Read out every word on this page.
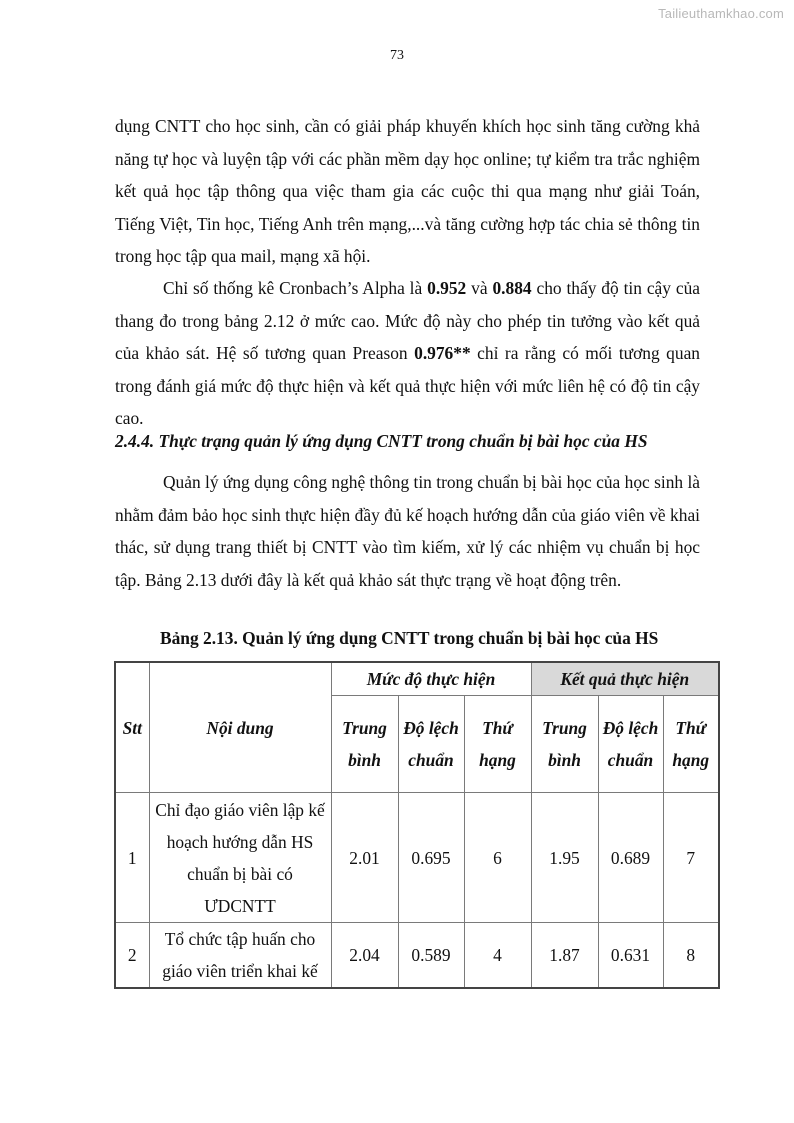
Tailieuthamkhao.com
73

dụng CNTT cho học sinh, cần có giải pháp khuyến khích học sinh tăng cường khả năng tự học và luyện tập với các phần mềm dạy học online; tự kiểm tra trắc nghiệm kết quả học tập thông qua việc tham gia các cuộc thi qua mạng như giải Toán, Tiếng Việt, Tin học, Tiếng Anh trên mạng,...và tăng cường hợp tác chia sẻ thông tin trong học tập qua mail, mạng xã hội.

Chỉ số thống kê Cronbach’s Alpha là 0.952 và 0.884 cho thấy độ tin cậy của thang đo trong bảng 2.12 ở mức cao. Mức độ này cho phép tin tưởng vào kết quả của khảo sát. Hệ số tương quan Preason 0.976** chỉ ra rằng có mối tương quan trong đánh giá mức độ thực hiện và kết quả thực hiện với mức liên hệ có độ tin cậy cao.

2.4.4. Thực trạng quản lý ứng dụng CNTT trong chuẩn bị bài học của HS

Quản lý ứng dụng công nghệ thông tin trong chuẩn bị bài học của học sinh là nhằm đảm bảo học sinh thực hiện đầy đủ kế hoạch hướng dẫn của giáo viên về khai thác, sử dụng trang thiết bị CNTT vào tìm kiếm, xử lý các nhiệm vụ chuẩn bị học tập. Bảng 2.13 dưới đây là kết quả khảo sát thực trạng về hoạt động trên.

Bảng 2.13. Quản lý ứng dụng CNTT trong chuẩn bị bài học của HS
Stt	Nội dung	Mức độ thực hiện			Kết quả thực hiện		
		Trung bình	Độ lệch chuẩn	Thứ hạng	Trung bình	Độ lệch chuẩn	Thứ hạng
1	Chỉ đạo giáo viên lập kế hoạch hướng dẫn HS chuẩn bị bài có ƯDCNTT	2.01	0.695	6	1.95	0.689	7
2	Tổ chức tập huấn cho giáo viên triển khai kế	2.04	0.589	4	1.87	0.631	8
